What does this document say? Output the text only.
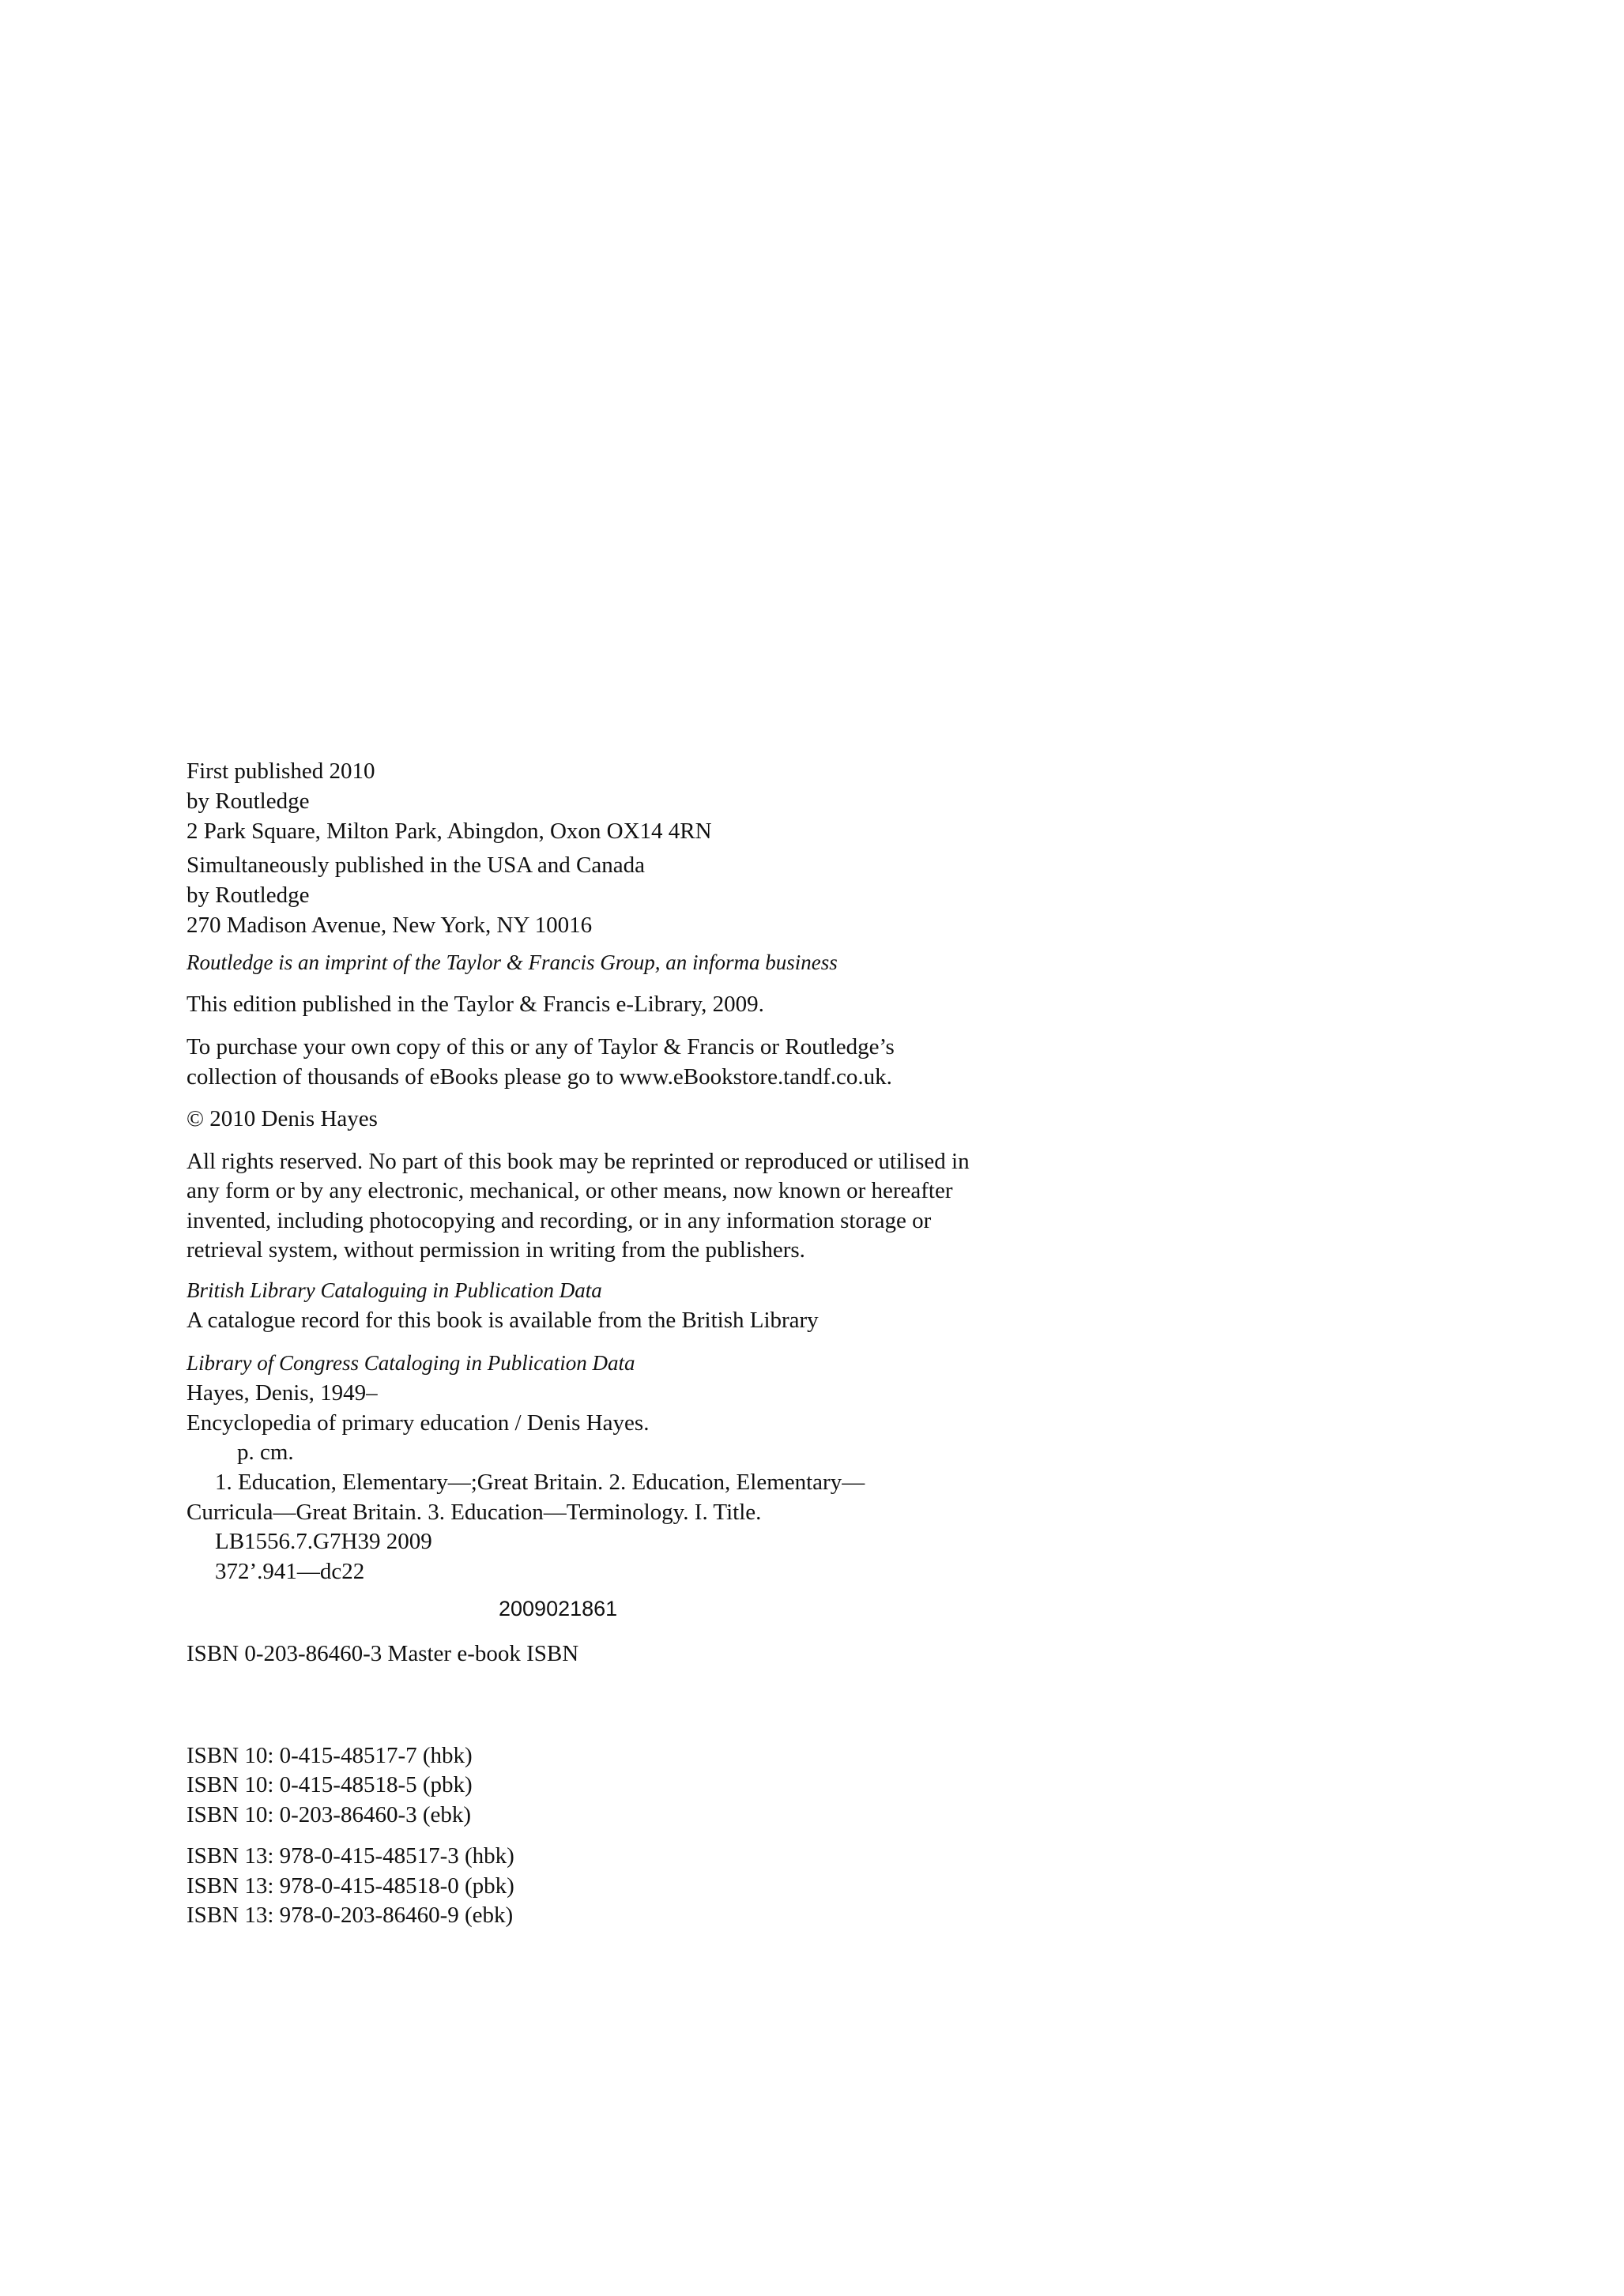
First published 2010
by Routledge
2 Park Square, Milton Park, Abingdon, Oxon OX14 4RN
Simultaneously published in the USA and Canada
by Routledge
270 Madison Avenue, New York, NY 10016
Routledge is an imprint of the Taylor & Francis Group, an informa business
This edition published in the Taylor & Francis e-Library, 2009.
To purchase your own copy of this or any of Taylor & Francis or Routledge’s
collection of thousands of eBooks please go to www.eBookstore.tandf.co.uk.
© 2010 Denis Hayes
All rights reserved. No part of this book may be reprinted or reproduced or utilised in
any form or by any electronic, mechanical, or other means, now known or hereafter
invented, including photocopying and recording, or in any information storage or
retrieval system, without permission in writing from the publishers.
British Library Cataloguing in Publication Data
A catalogue record for this book is available from the British Library
Library of Congress Cataloging in Publication Data
Hayes, Denis, 1949–
Encyclopedia of primary education / Denis Hayes.
p. cm.
1. Education, Elementary—;Great Britain. 2. Education, Elementary—
Curricula—Great Britain. 3. Education—Terminology. I. Title.
LB1556.7.G7H39 2009
372’.941—dc22
2009021861
ISBN 0-203-86460-3 Master e-book ISBN
ISBN 10: 0-415-48517-7 (hbk)
ISBN 10: 0-415-48518-5 (pbk)
ISBN 10: 0-203-86460-3 (ebk)
ISBN 13: 978-0-415-48517-3 (hbk)
ISBN 13: 978-0-415-48518-0 (pbk)
ISBN 13: 978-0-203-86460-9 (ebk)
